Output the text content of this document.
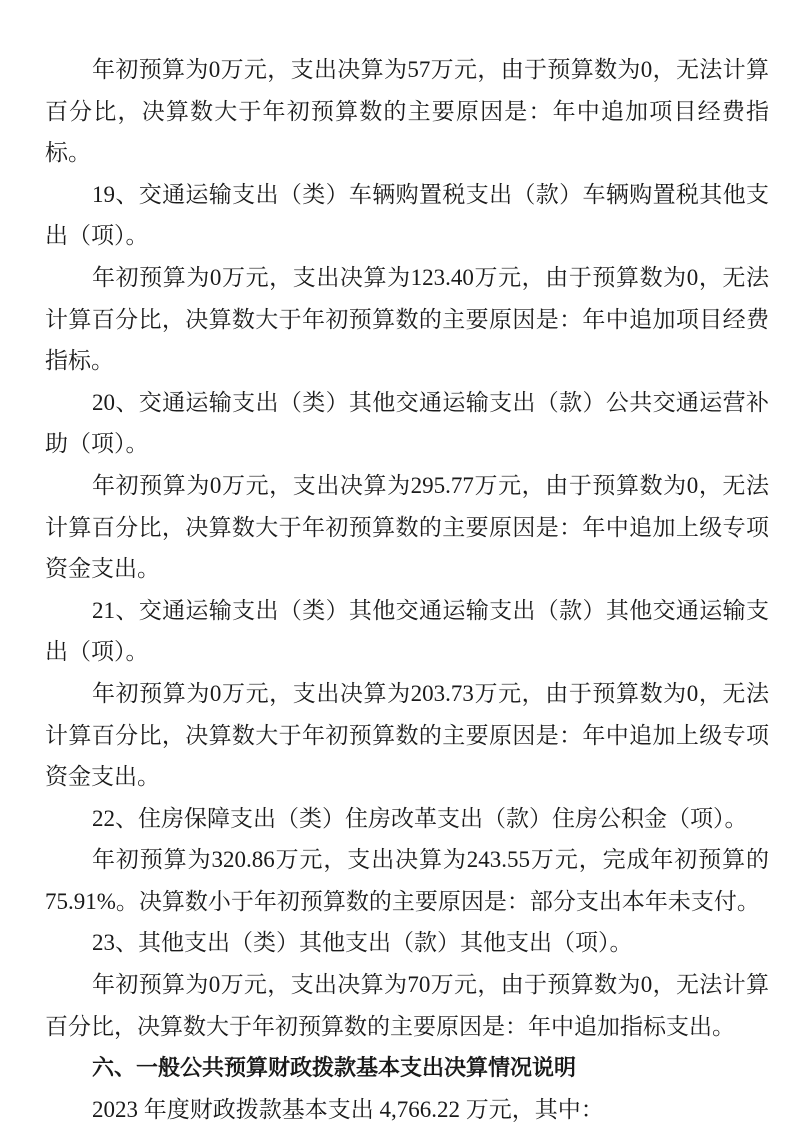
年初预算为0万元，支出决算为57万元，由于预算数为0，无法计算百分比，决算数大于年初预算数的主要原因是：年中追加项目经费指标。

19、交通运输支出（类）车辆购置税支出（款）车辆购置税其他支出（项）。

年初预算为0万元，支出决算为123.40万元，由于预算数为0，无法计算百分比，决算数大于年初预算数的主要原因是：年中追加项目经费指标。

20、交通运输支出（类）其他交通运输支出（款）公共交通运营补助（项）。

年初预算为0万元，支出决算为295.77万元，由于预算数为0，无法计算百分比，决算数大于年初预算数的主要原因是：年中追加上级专项资金支出。

21、交通运输支出（类）其他交通运输支出（款）其他交通运输支出（项）。

年初预算为0万元，支出决算为203.73万元，由于预算数为0，无法计算百分比，决算数大于年初预算数的主要原因是：年中追加上级专项资金支出。

22、住房保障支出（类）住房改革支出（款）住房公积金（项）。

年初预算为320.86万元，支出决算为243.55万元，完成年初预算的75.91%。决算数小于年初预算数的主要原因是：部分支出本年未支付。

23、其他支出（类）其他支出（款）其他支出（项）。

年初预算为0万元，支出决算为70万元，由于预算数为0，无法计算百分比，决算数大于年初预算数的主要原因是：年中追加指标支出。

六、一般公共预算财政拨款基本支出决算情况说明

2023 年度财政拨款基本支出 4,766.22 万元，其中：
